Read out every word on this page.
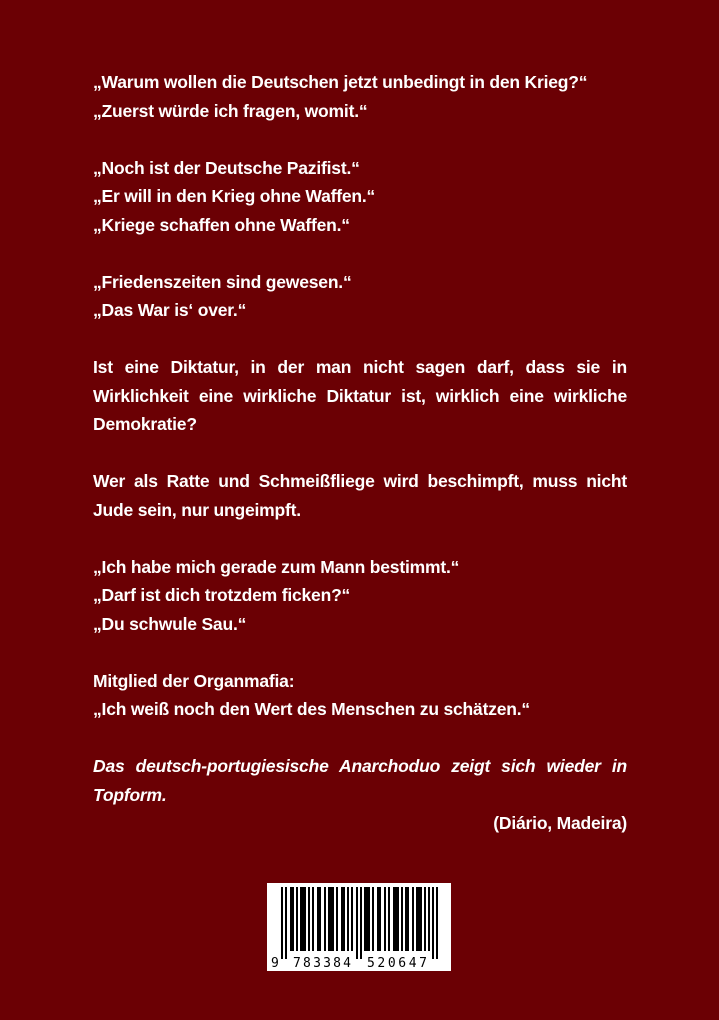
„Warum wollen die Deutschen jetzt unbedingt in den Krieg?“
„Zuerst würde ich fragen, womit.“
„Noch ist der Deutsche Pazifist.“
„Er will in den Krieg ohne Waffen.“
„Kriege schaffen ohne Waffen.“
„Friedenszeiten sind gewesen.“
„Das War is‘ over.“
Ist eine Diktatur, in der man nicht sagen darf, dass sie in Wirklichkeit eine wirkliche Diktatur ist, wirklich eine wirkliche Demokratie?
Wer als Ratte und Schmeißfliege wird beschimpft, muss nicht Jude sein, nur ungeimpft.
„Ich habe mich gerade zum Mann bestimmt.“
„Darf ist dich trotzdem ficken?“
„Du schwule Sau.“
Mitglied der Organmafia:
„Ich weiß noch den Wert des Menschen zu schätzen.“
Das deutsch-portugiesische Anarchoduo zeigt sich wieder in Topform.
(Diário, Madeira)
9 783384 520647
